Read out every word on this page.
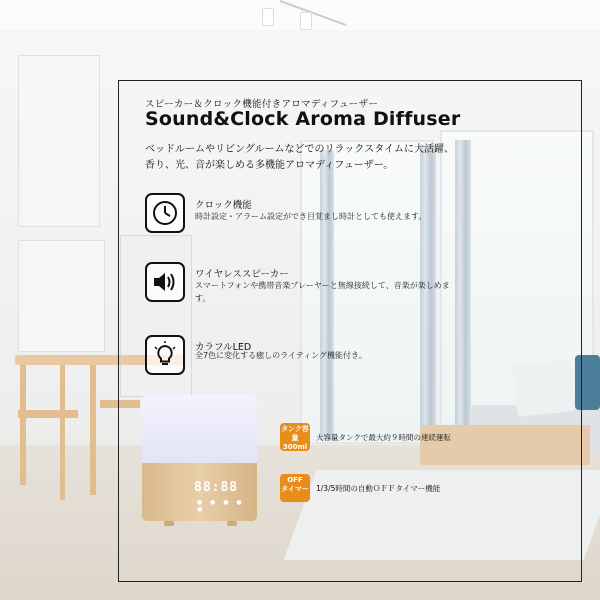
スピーカー＆クロック機能付きアロマディフューザー
Sound&Clock Aroma Diffuser
ベッドルームやリビングルームなどでのリラックスタイムに大活躍、
香り、光、音が楽しめる多機能アロマディフューザー。
クロック機能
時計設定・アラーム設定ができ目覚まし時計としても使えます。
ワイヤレススピーカー
スマートフォンや携帯音楽プレーヤーと無線接続して、音楽が楽しめます。
カラフルLED
全7色に変化する癒しのライティング機能付き。
88:88
● ● ● ● ●
タンク容量
300ml
大容量タンクで最大約９時間の連続運転
OFF
タイマー 1/3/5時間の自動ＯＦＦタイマー機能
